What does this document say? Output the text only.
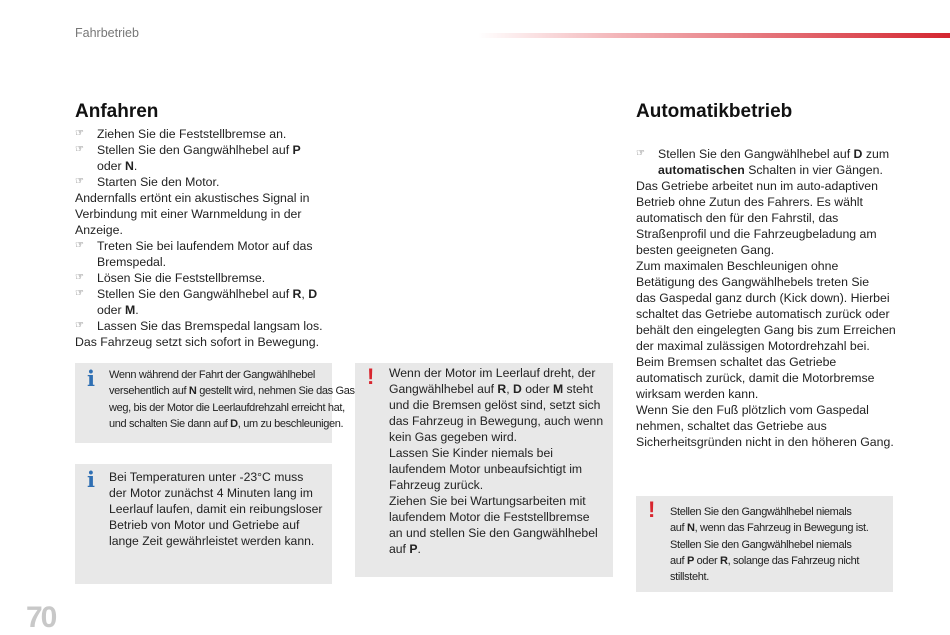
Fahrbetrieb
Anfahren
☞ Ziehen Sie die Feststellbremse an.
☞ Stellen Sie den Gangwählhebel auf P
oder N.
☞ Starten Sie den Motor.
Andernfalls ertönt ein akustisches Signal in
Verbindung mit einer Warnmeldung in der
Anzeige.
☞ Treten Sie bei laufendem Motor auf das
Bremspedal.
☞ Lösen Sie die Feststellbremse.
☞ Stellen Sie den Gangwählhebel auf R, D
oder M.
☞ Lassen Sie das Bremspedal langsam los.
Das Fahrzeug setzt sich sofort in Bewegung.
i Wenn während der Fahrt der Gangwählhebel
versehentlich auf N gestellt wird, nehmen Sie das Gas
weg, bis der Motor die Leerlaufdrehzahl erreicht hat,
und schalten Sie dann auf D, um zu beschleunigen.
i Bei Temperaturen unter -23°C muss
der Motor zunächst 4 Minuten lang im
Leerlauf laufen, damit ein reibungsloser
Betrieb von Motor und Getriebe auf
lange Zeit gewährleistet werden kann.
! Wenn der Motor im Leerlauf dreht, der
Gangwählhebel auf R, D oder M steht
und die Bremsen gelöst sind, setzt sich
das Fahrzeug in Bewegung, auch wenn
kein Gas gegeben wird.
Lassen Sie Kinder niemals bei
laufendem Motor unbeaufsichtigt im
Fahrzeug zurück.
Ziehen Sie bei Wartungsarbeiten mit
laufendem Motor die Feststellbremse
an und stellen Sie den Gangwählhebel
auf P.
Automatikbetrieb
☞ Stellen Sie den Gangwählhebel auf D zum
automatischen Schalten in vier Gängen.
Das Getriebe arbeitet nun im auto-adaptiven
Betrieb ohne Zutun des Fahrers. Es wählt
automatisch den für den Fahrstil, das
Straßenprofil und die Fahrzeugbeladung am
besten geeigneten Gang.
Zum maximalen Beschleunigen ohne
Betätigung des Gangwählhebels treten Sie
das Gaspedal ganz durch (Kick down). Hierbei
schaltet das Getriebe automatisch zurück oder
behält den eingelegten Gang bis zum Erreichen
der maximal zulässigen Motordrehzahl bei.
Beim Bremsen schaltet das Getriebe
automatisch zurück, damit die Motorbremse
wirksam werden kann.
Wenn Sie den Fuß plötzlich vom Gaspedal
nehmen, schaltet das Getriebe aus
Sicherheitsgründen nicht in den höheren Gang.
! Stellen Sie den Gangwählhebel niemals
auf N, wenn das Fahrzeug in Bewegung ist.
Stellen Sie den Gangwählhebel niemals
auf P oder R, solange das Fahrzeug nicht
stillsteht.
70
